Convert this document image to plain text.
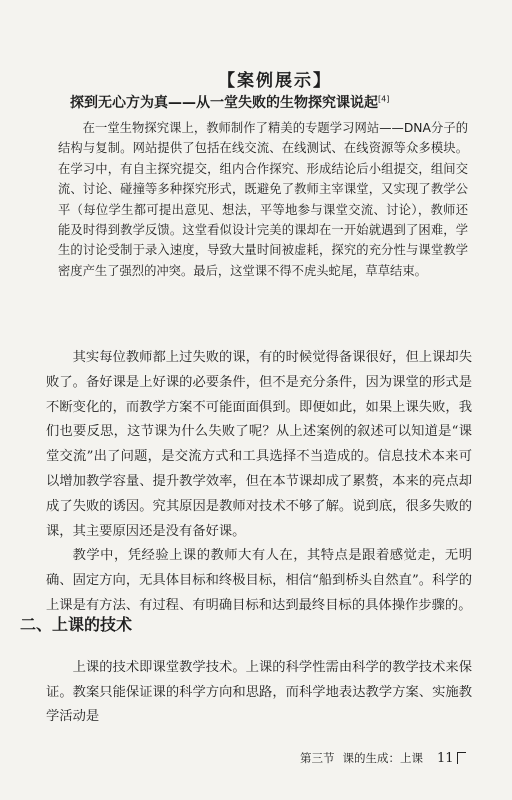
【案例展示】
探到无心方为真——从一堂失败的生物探究课说起[4]

在一堂生物探究课上，教师制作了精美的专题学习网站——DNA分子的结构与复制。网站提供了包括在线交流、在线测试、在线资源等众多模块。在学习中，有自主探究提交，组内合作探究、形成结论后小组提交，组间交流、讨论、碰撞等多种探究形式，既避免了教师主宰课堂，又实现了教学公平（每位学生都可提出意见、想法，平等地参与课堂交流、讨论），教师还能及时得到教学反馈。这堂看似设计完美的课却在一开始就遇到了困难，学生的讨论受制于录入速度，导致大量时间被虚耗，探究的充分性与课堂教学密度产生了强烈的冲突。最后，这堂课不得不虎头蛇尾，草草结束。

其实每位教师都上过失败的课，有的时候觉得备课很好，但上课却失败了。备好课是上好课的必要条件，但不是充分条件，因为课堂的形式是不断变化的，而教学方案不可能面面俱到。即便如此，如果上课失败，我们也要反思，这节课为什么失败了呢？从上述案例的叙述可以知道是“课堂交流”出了问题，是交流方式和工具选择不当造成的。信息技术本来可以增加教学容量、提升教学效率，但在本节课却成了累赘，本来的亮点却成了失败的诱因。究其原因是教师对技术不够了解。说到底，很多失败的课，其主要原因还是没有备好课。

教学中，凭经验上课的教师大有人在，其特点是跟着感觉走，无明确、固定方向，无具体目标和终极目标，相信“船到桥头自然直”。科学的上课是有方法、有过程、有明确目标和达到最终目标的具体操作步骤的。

二、上课的技术

上课的技术即课堂教学技术。上课的科学性需由科学的教学技术来保证。教案只能保证课的科学方向和思路，而科学地表达教学方案、实施教学活动是

第三节 课的生成：上课 11
